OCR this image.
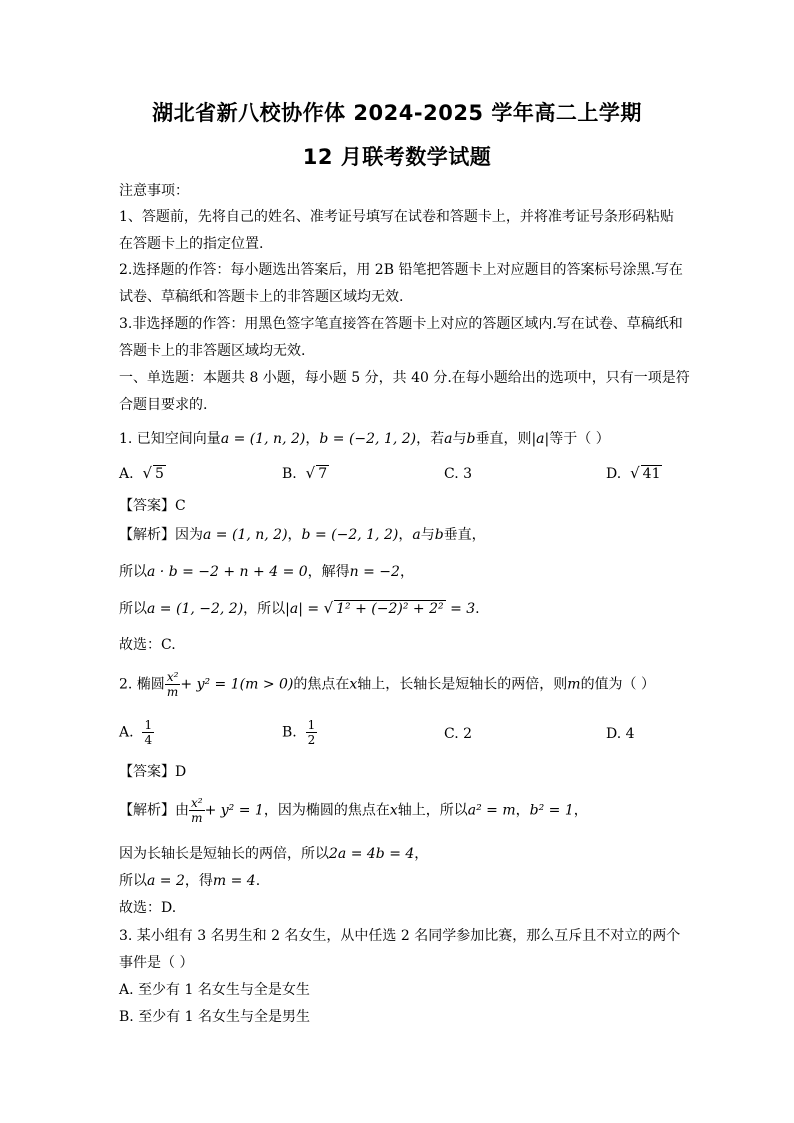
湖北省新八校协作体 2024-2025 学年高二上学期
12 月联考数学试题
注意事项：
1、答题前，先将自己的姓名、准考证号填写在试卷和答题卡上，并将准考证号条形码粘贴
在答题卡上的指定位置.
2.选择题的作答：每小题选出答案后，用 2B 铅笔把答题卡上对应题目的答案标号涂黑.写在
试卷、草稿纸和答题卡上的非答题区域均无效.
3.非选择题的作答：用黑色签字笔直接答在答题卡上对应的答题区域内.写在试卷、草稿纸和
答题卡上的非答题区域均无效.
一、单选题：本题共 8 小题，每小题 5 分，共 40 分.在每小题给出的选项中，只有一项是符
合题目要求的.
1. 已知空间向量a = (1, n, 2)，b = (−2, 1, 2)，若a与b垂直，则|a|等于（ ）
A. √ 5	B. √ 7	C. 3	D. √ 41
【答案】C
【解析】因为a = (1, n, 2)，b = (−2, 1, 2)，a与b垂直，
所以a · b = −2 + n + 4 = 0，解得n = −2，
所以a = (1, −2, 2)，所以|a| = √ 1² + (−2)² + 2² = 3.
故选：C.
2. 椭圆 $\frac{\text{x²}}{m} + y^2 = 1(m > 0)$的焦点在x轴上，长轴长是短轴长的两倍，则m的值为（ ）
A. $\frac{1}{4}$	B. $\frac{1}{2}$	C. 2	D. 4
【答案】D
【解析】由 $\frac{\text{x²}}{m} + y^2 = 1$，因为椭圆的焦点在x轴上，所以a² = m，b² = 1，
因为长轴长是短轴长的两倍，所以2a = 4b = 4，
所以a = 2，得m = 4.
故选：D.
3. 某小组有 3 名男生和 2 名女生，从中任选 2 名同学参加比赛，那么互斥且不对立的两个
事件是（ ）
A. 至少有 1 名女生与全是女生
B. 至少有 1 名女生与全是男生
